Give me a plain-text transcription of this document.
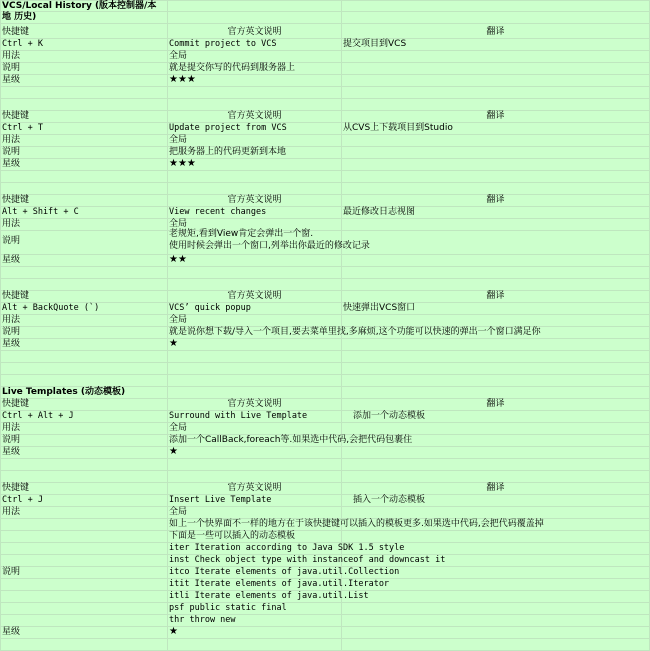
VCS/Local History (版本控制器/本地 历史)
Live Templates (动态模板)
快捷键	官方英文说明	翻译
Ctrl + K	Commit project to VCS	提交项目到VCS
用法	全局
说明	就是提交你写的代码到服务器上
星级	★★★
快捷键	官方英文说明	翻译
Ctrl + T	Update project from VCS	从CVS上下载项目到Studio
用法	全局
说明	把服务器上的代码更新到本地
星级	★★★
快捷键	官方英文说明	翻译
Alt + Shift + C	View recent changes	最近修改日志视图
用法	全局
说明
老规矩,看到View肯定会弹出一个窗.
使用时候会弹出一个窗口,列举出你最近的修改记录
星级	★★
快捷键	官方英文说明	翻译
Alt + BackQuote (`)	VCS’ quick popup	快速弹出VCS窗口
用法	全局
说明	就是说你想下载/导入一个项目,要去菜单里找,多麻烦,这个功能可以快速的弹出一个窗口满足你
星级	★
快捷键	官方英文说明	翻译
Ctrl + Alt + J	Surround with Live Template	添加一个动态模板
用法	全局
说明	添加一个CallBack,foreach等.如果选中代码,会把代码包裹住
星级	★
快捷键	官方英文说明	翻译
Ctrl + J	Insert Live Template	插入一个动态模板
用法	全局
说明
如上一个快界面不一样的地方在于该快捷键可以插入的模板更多.如果选中代码,会把代码覆盖掉
下面是一些可以插入的动态模板
iter Iteration according to Java SDK 1.5 style
inst Check object type with instanceof and downcast it
itco Iterate elements of java.util.Collection
itit Iterate elements of java.util.Iterator
itli Iterate elements of java.util.List
psf public static final
thr throw new
星级	★
